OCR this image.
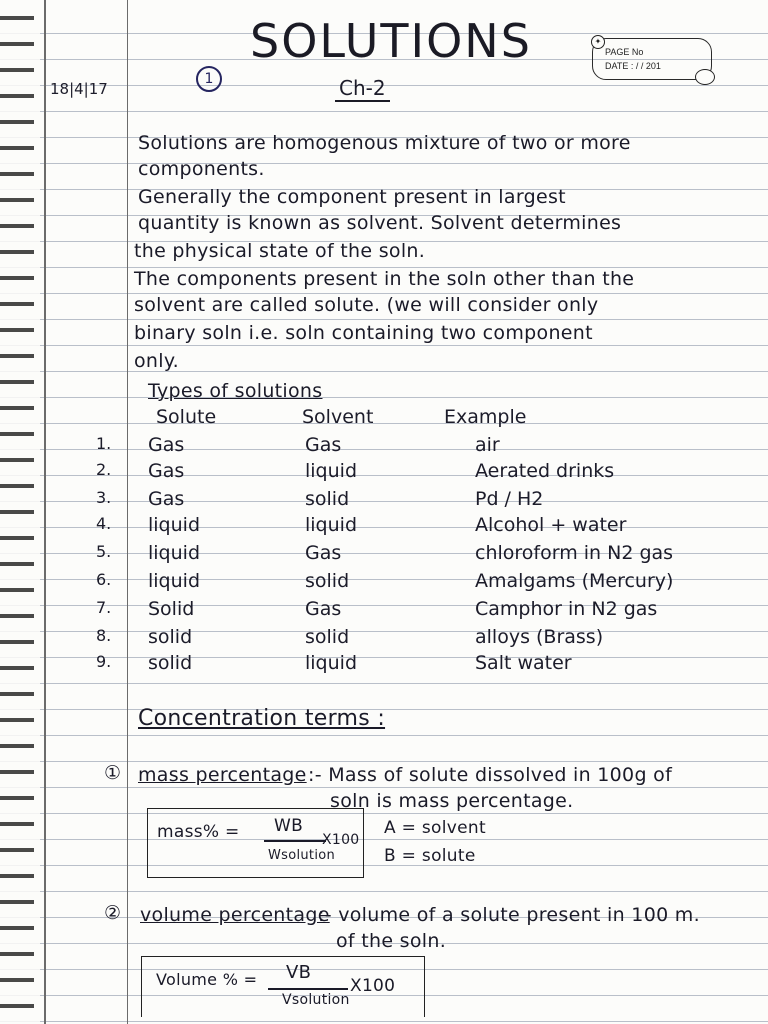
SOLUTIONS
1	Ch-2
18|4|17
✦
PAGE No
DATE : / / 201
Solutions are homogenous mixture of two or more
components.
Generally the component present in largest
quantity is known as solvent. Solvent determines
the physical state of the soln.
The components present in the soln other than the
solvent are called solute. (we will consider only
binary soln i.e. soln containing two component
only.
Types of solutions
Solute	Solvent	Example
1. Gas	Gas	air
2. Gas	liquid	Aerated drinks
3. Gas	solid	Pd / H2
4. liquid	liquid	Alcohol + water
5. liquid	Gas	chloroform in N2 gas
6. liquid	solid	Amalgams (Mercury)
7. Solid	Gas	Camphor in N2 gas
8. solid	solid	alloys (Brass)
9. solid	liquid	Salt water
Concentration terms :
① mass percentage :- Mass of solute dissolved in 100g of
soln is mass percentage.
mass% = WB
Wsolution
X100
A = solvent
B = solute
② volume percentage
:- volume of a solute present in 100 m.
of the soln.
Volume % = VB
Vsolution
X100
